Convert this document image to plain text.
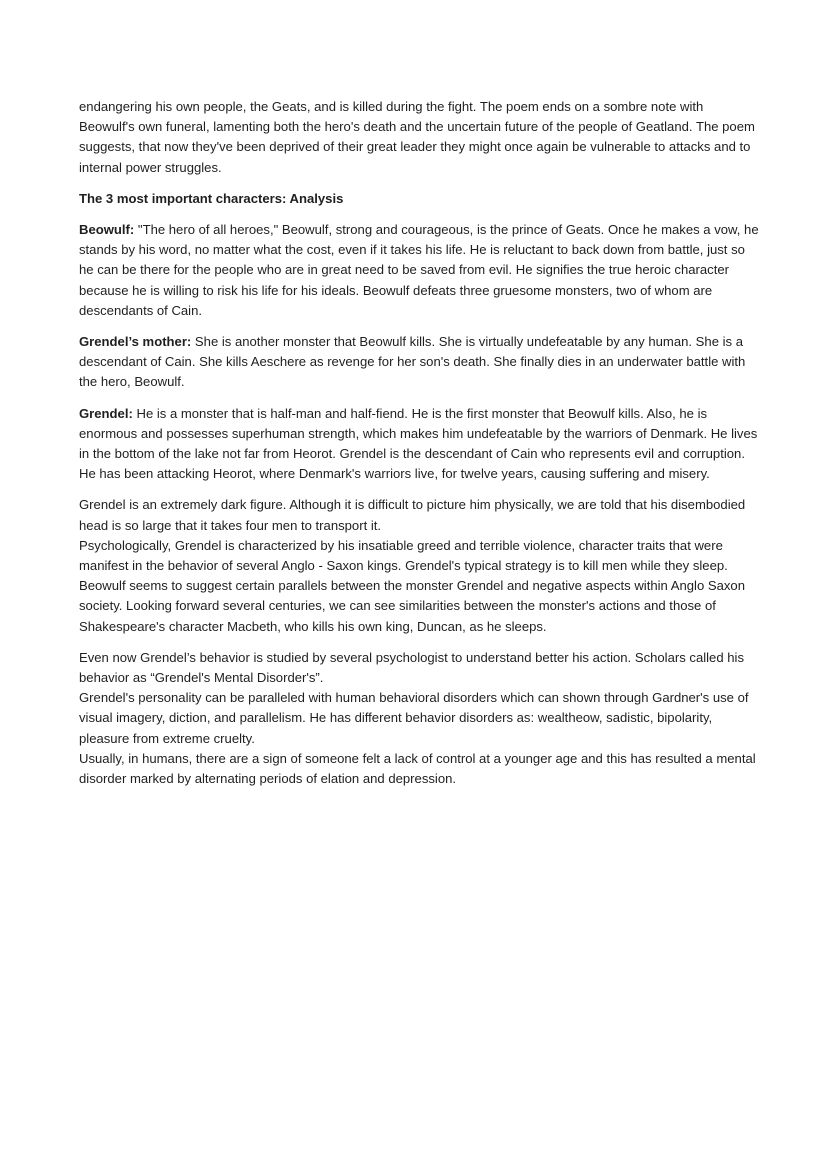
endangering his own people, the Geats, and is killed during the fight. The poem ends on a sombre note with Beowulf's own funeral, lamenting both the hero's death and the uncertain future of the people of Geatland. The poem suggests, that now they've been deprived of their great leader they might once again be vulnerable to attacks and to internal power struggles.

The 3 most important characters: Analysis

Beowulf: "The hero of all heroes," Beowulf, strong and courageous, is the prince of Geats. Once he makes a vow, he stands by his word, no matter what the cost, even if it takes his life. He is reluctant to back down from battle, just so he can be there for the people who are in great need to be saved from evil. He signifies the true heroic character because he is willing to risk his life for his ideals. Beowulf defeats three gruesome monsters, two of whom are descendants of Cain.

Grendel’s mother: She is another monster that Beowulf kills. She is virtually undefeatable by any human. She is a descendant of Cain. She kills Aeschere as revenge for her son's death. She finally dies in an underwater battle with the hero, Beowulf.

Grendel: He is a monster that is half-man and half-fiend. He is the first monster that Beowulf kills. Also, he is enormous and possesses superhuman strength, which makes him undefeatable by the warriors of Denmark. He lives in the bottom of the lake not far from Heorot. Grendel is the descendant of Cain who represents evil and corruption. He has been attacking Heorot, where Denmark's warriors live, for twelve years, causing suffering and misery.

Grendel is an extremely dark figure. Although it is difficult to picture him physically, we are told that his disembodied head is so large that it takes four men to transport it.
Psychologically, Grendel is characterized by his insatiable greed and terrible violence, character traits that were manifest in the behavior of several Anglo - Saxon kings. Grendel's typical strategy is to kill men while they sleep. Beowulf seems to suggest certain parallels between the monster Grendel and negative aspects within Anglo Saxon society. Looking forward several centuries, we can see similarities between the monster's actions and those of Shakespeare's character Macbeth, who kills his own king, Duncan, as he sleeps.

Even now Grendel’s behavior is studied by several psychologist to understand better his action. Scholars called his behavior as “Grendel's Mental Disorder's”.
Grendel's personality can be paralleled with human behavioral disorders which can shown through Gardner's use of visual imagery, diction, and parallelism. He has different behavior disorders as: wealtheow, sadistic, bipolarity, pleasure from extreme cruelty.
Usually, in humans, there are a sign of someone felt a lack of control at a younger age and this has resulted a mental disorder marked by alternating periods of elation and depression.
